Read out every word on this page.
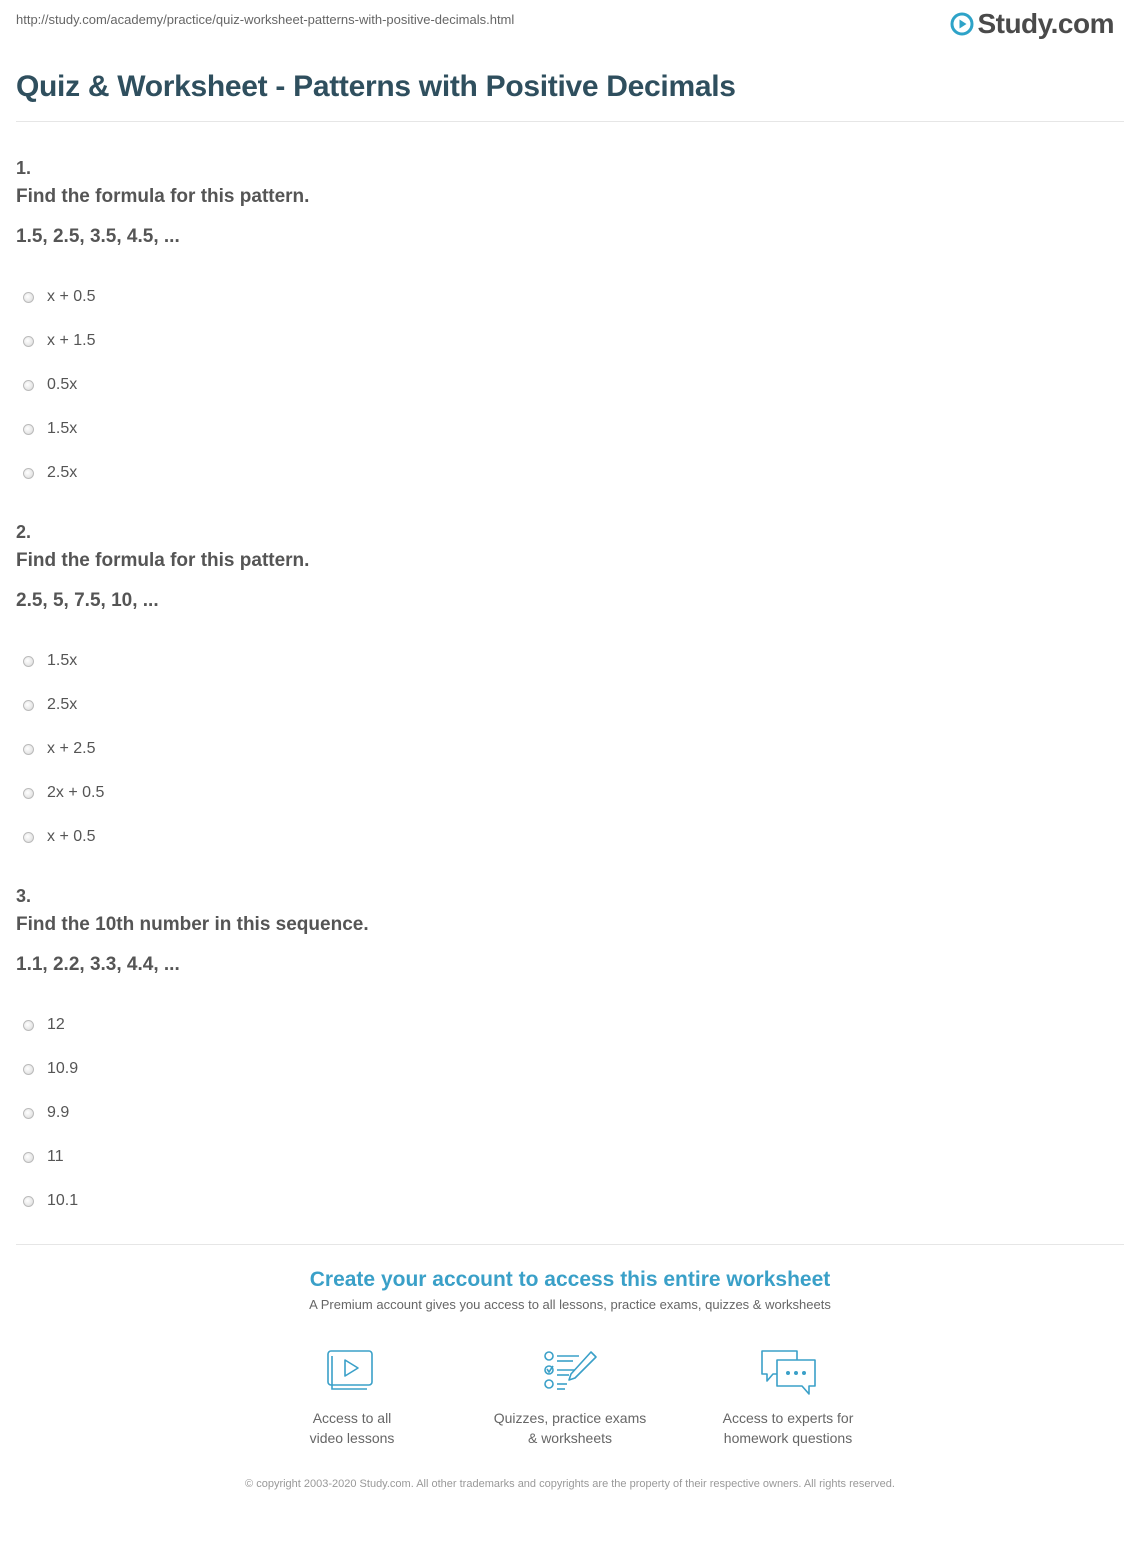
http://study.com/academy/practice/quiz-worksheet-patterns-with-positive-decimals.html	Study.com
Quiz & Worksheet - Patterns with Positive Decimals
1.
Find the formula for this pattern.
1.5, 2.5, 3.5, 4.5, ...
x + 0.5
x + 1.5
0.5x
1.5x
2.5x
2.
Find the formula for this pattern.
2.5, 5, 7.5, 10, ...
1.5x
2.5x
x + 2.5
2x + 0.5
x + 0.5
3.
Find the 10th number in this sequence.
1.1, 2.2, 3.3, 4.4, ...
12
10.9
9.9
11
10.1
Create your account to access this entire worksheet
A Premium account gives you access to all lessons, practice exams, quizzes & worksheets
Access to all
video lessons
Quizzes, practice exams
& worksheets
Access to experts for
homework questions
© copyright 2003-2020 Study.com. All other trademarks and copyrights are the property of their respective owners. All rights reserved.
